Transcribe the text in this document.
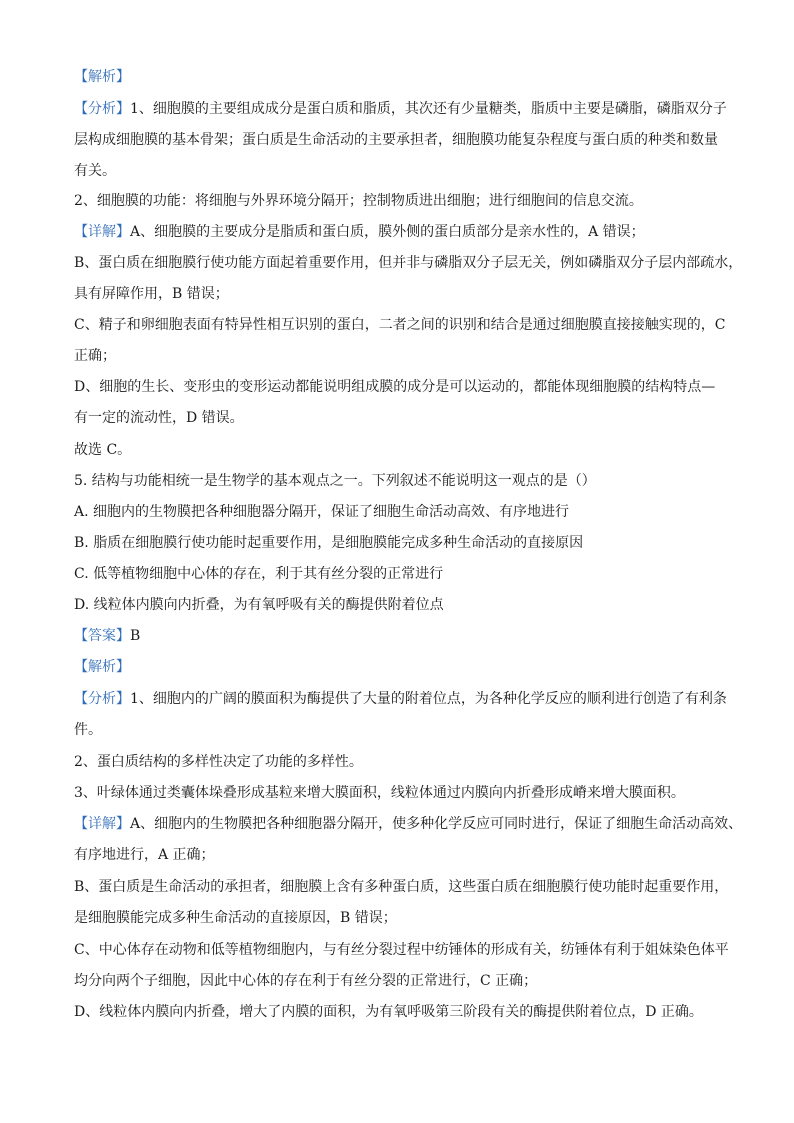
【解析】
【分析】1、细胞膜的主要组成成分是蛋白质和脂质，其次还有少量糖类，脂质中主要是磷脂，磷脂双分子
层构成细胞膜的基本骨架；蛋白质是生命活动的主要承担者，细胞膜功能复杂程度与蛋白质的种类和数量
有关。
2、细胞膜的功能：将细胞与外界环境分隔开；控制物质进出细胞；进行细胞间的信息交流。
【详解】A、细胞膜的主要成分是脂质和蛋白质，膜外侧的蛋白质部分是亲水性的，A 错误；
B、蛋白质在细胞膜行使功能方面起着重要作用，但并非与磷脂双分子层无关，例如磷脂双分子层内部疏水，
具有屏障作用，B 错误；
C、精子和卵细胞表面有特异性相互识别的蛋白，二者之间的识别和结合是通过细胞膜直接接触实现的，C
正确；
D、细胞的生长、变形虫的变形运动都能说明组成膜的成分是可以运动的，都能体现细胞膜的结构特点—
有一定的流动性，D 错误。
故选 C。
5. 结构与功能相统一是生物学的基本观点之一。下列叙述不能说明这一观点的是（）
A. 细胞内的生物膜把各种细胞器分隔开，保证了细胞生命活动高效、有序地进行
B. 脂质在细胞膜行使功能时起重要作用，是细胞膜能完成多种生命活动的直接原因
C. 低等植物细胞中心体的存在，利于其有丝分裂的正常进行
D. 线粒体内膜向内折叠，为有氧呼吸有关的酶提供附着位点
【答案】B
【解析】
【分析】1、细胞内的广阔的膜面积为酶提供了大量的附着位点，为各种化学反应的顺利进行创造了有利条
件。
2、蛋白质结构的多样性决定了功能的多样性。
3、叶绿体通过类囊体垛叠形成基粒来增大膜面积，线粒体通过内膜向内折叠形成嵴来增大膜面积。
【详解】A、细胞内的生物膜把各种细胞器分隔开，使多种化学反应可同时进行，保证了细胞生命活动高效、
有序地进行，A 正确；
B、蛋白质是生命活动的承担者，细胞膜上含有多种蛋白质，这些蛋白质在细胞膜行使功能时起重要作用，
是细胞膜能完成多种生命活动的直接原因，B 错误；
C、中心体存在动物和低等植物细胞内，与有丝分裂过程中纺锤体的形成有关，纺锤体有利于姐妹染色体平
均分向两个子细胞，因此中心体的存在利于有丝分裂的正常进行，C 正确；
D、线粒体内膜向内折叠，增大了内膜的面积，为有氧呼吸第三阶段有关的酶提供附着位点，D 正确。
